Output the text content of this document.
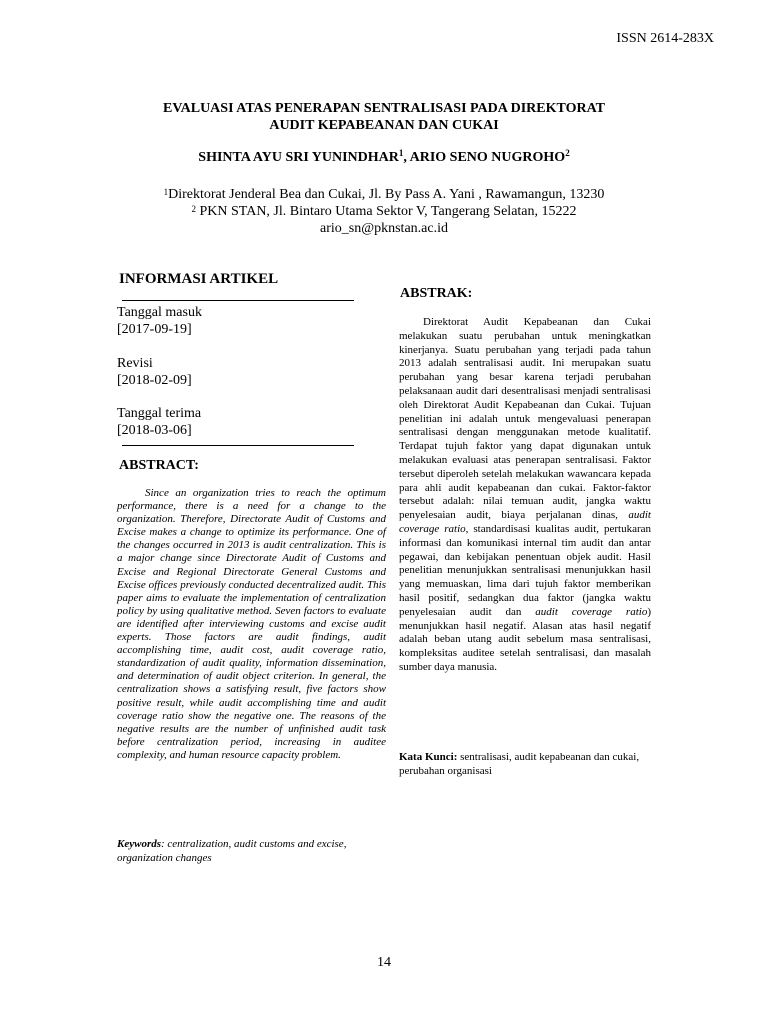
ISSN 2614-283X
EVALUASI ATAS PENERAPAN SENTRALISASI PADA DIREKTORAT
AUDIT KEPABEANAN DAN CUKAI
SHINTA AYU SRI YUNINDHAR$^1$, ARIO SENO NUGROHO$^2$
$^1$Direktorat Jenderal Bea dan Cukai, Jl. By Pass A. Yani , Rawamangun, 13230
$^2$ PKN STAN, Jl. Bintaro Utama Sektor V, Tangerang Selatan, 15222
ario_sn@pknstan.ac.id
INFORMASI ARTIKEL
Tanggal masuk
[2017-09-19]
Revisi
[2018-02-09]
Tanggal terima
[2018-03-06]
ABSTRACT:
Since an organization tries to reach the optimum performance, there is a need for a change to the organization. Therefore, Directorate Audit of Customs and Excise makes a change to optimize its performance. One of the changes occurred in 2013 is audit centralization. This is a major change since Directorate Audit of Customs and Excise and Regional Directorate General Customs and Excise offices previously conducted decentralized audit. This paper aims to evaluate the implementation of centralization policy by using qualitative method. Seven factors to evaluate are identified after interviewing customs and excise audit experts. Those factors are audit findings, audit accomplishing time, audit cost, audit coverage ratio, standardization of audit quality, information dissemination, and determination of audit object criterion. In general, the centralization shows a satisfying result, five factors show positive result, while audit accomplishing time and audit coverage ratio show the negative one. The reasons of the negative results are the number of unfinished audit task before centralization period, increasing in auditee complexity, and human resource capacity problem.
Keywords: centralization, audit customs and excise, organization changes
ABSTRAK:
Direktorat Audit Kepabeanan dan Cukai melakukan suatu perubahan untuk meningkatkan kinerjanya. Suatu perubahan yang terjadi pada tahun 2013 adalah sentralisasi audit. Ini merupakan suatu perubahan yang besar karena terjadi perubahan pelaksanaan audit dari desentralisasi menjadi sentralisasi oleh Direktorat Audit Kepabeanan dan Cukai. Tujuan penelitian ini adalah untuk mengevaluasi penerapan sentralisasi dengan menggunakan metode kualitatif. Terdapat tujuh faktor yang dapat digunakan untuk melakukan evaluasi atas penerapan sentralisasi. Faktor tersebut diperoleh setelah melakukan wawancara kepada para ahli audit kepabeanan dan cukai. Faktor-faktor tersebut adalah: nilai temuan audit, jangka waktu penyelesaian audit, biaya perjalanan dinas, audit coverage ratio, standardisasi kualitas audit, pertukaran informasi dan komunikasi internal tim audit dan antar pegawai, dan kebijakan penentuan objek audit. Hasil penelitian menunjukkan sentralisasi menunjukkan hasil yang memuaskan, lima dari tujuh faktor memberikan hasil positif, sedangkan dua faktor (jangka waktu penyelesaian audit dan audit coverage ratio) menunjukkan hasil negatif. Alasan atas hasil negatif adalah beban utang audit sebelum masa sentralisasi, kompleksitas auditee setelah sentralisasi, dan masalah sumber daya manusia.
Kata Kunci: sentralisasi, audit kepabeanan dan cukai, perubahan organisasi
14
